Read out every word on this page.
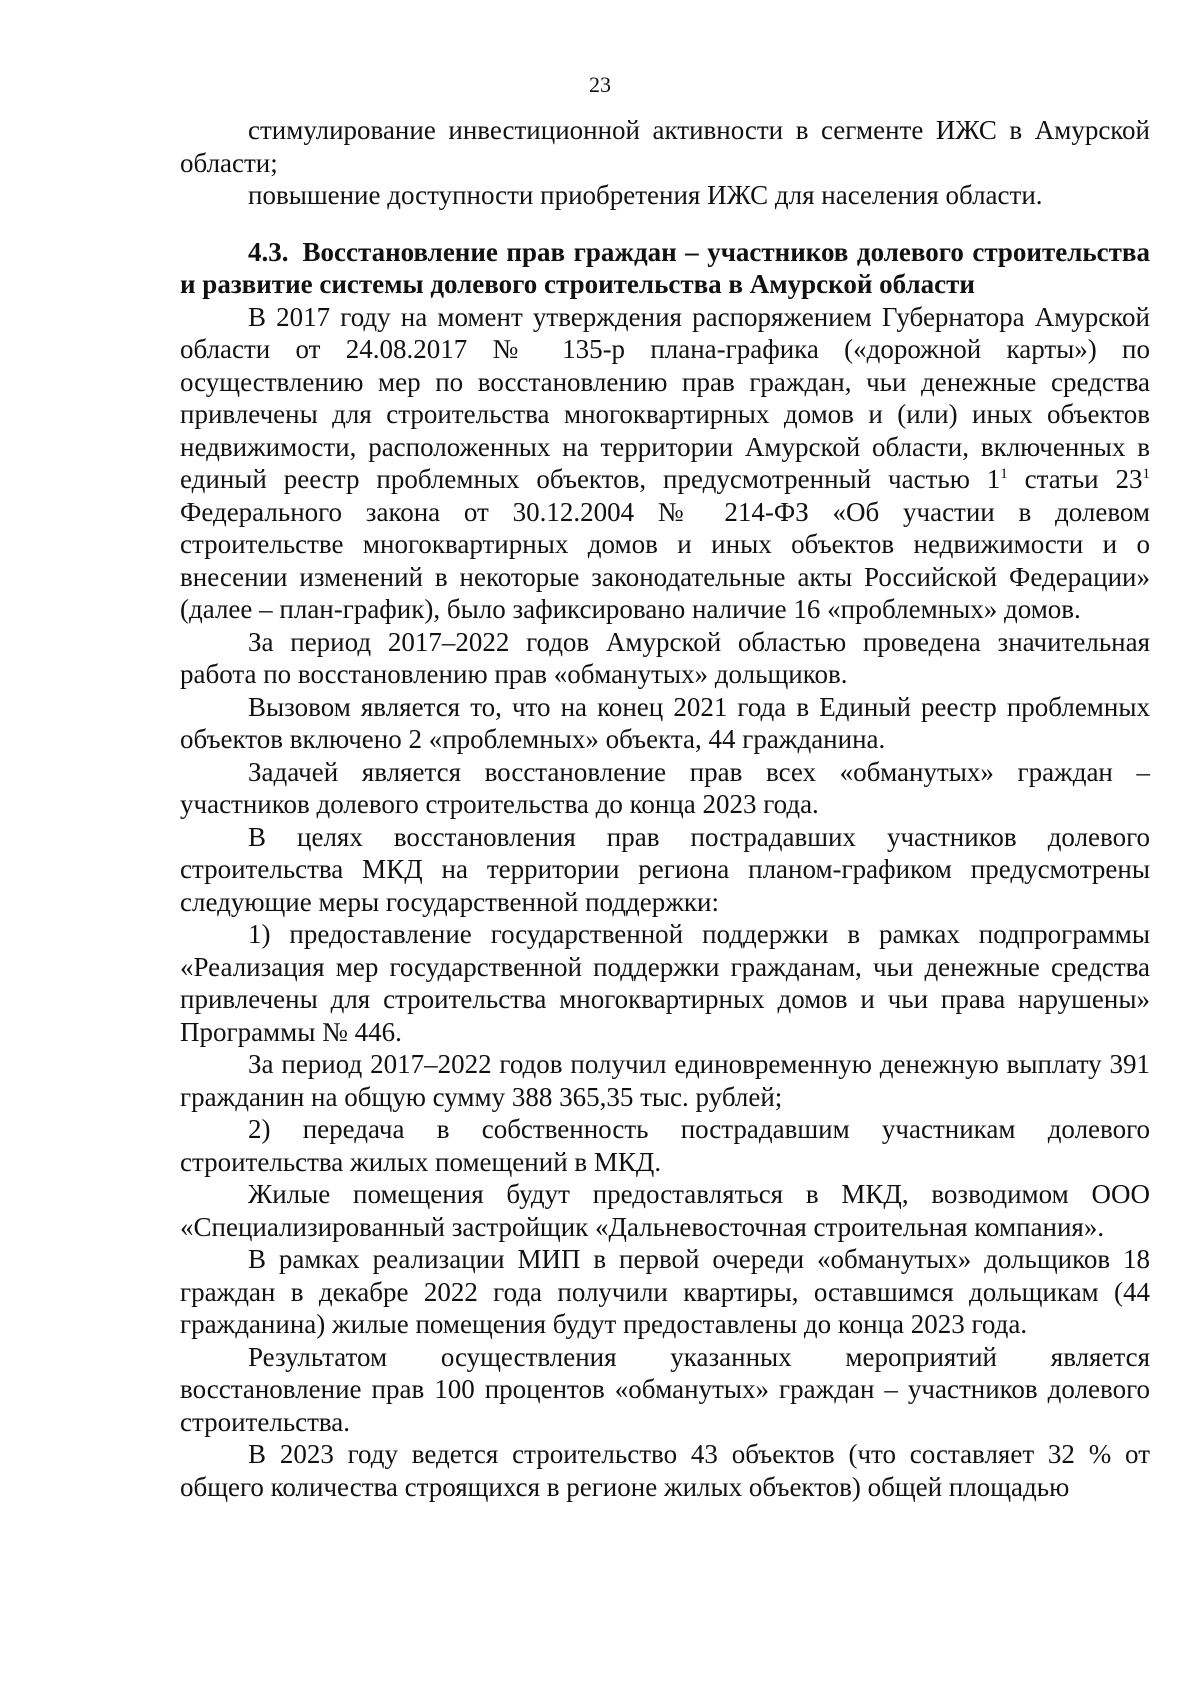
23

стимулирование инвестиционной активности в сегменте ИЖС в Амурской области;

повышение доступности приобретения ИЖС для населения области.

4.3. Восстановление прав граждан – участников долевого строительства и развитие системы долевого строительства в Амурской области

В 2017 году на момент утверждения распоряжением Губернатора Амурской области от 24.08.2017 № 135-р плана-графика («дорожной карты») по осуществлению мер по восстановлению прав граждан, чьи денежные средства привлечены для строительства многоквартирных домов и (или) иных объектов недвижимости, расположенных на территории Амурской области, включенных в единый реестр проблемных объектов, предусмотренный частью $1^1$ статьи $23^1$ Федерального закона от 30.12.2004 № 214-ФЗ «Об участии в долевом строительстве многоквартирных домов и иных объектов недвижимости и о внесении изменений в некоторые законодательные акты Российской Федерации» (далее – план-график), было зафиксировано наличие 16 «проблемных» домов.

За период 2017–2022 годов Амурской областью проведена значительная работа по восстановлению прав «обманутых» дольщиков.

Вызовом является то, что на конец 2021 года в Единый реестр проблемных объектов включено 2 «проблемных» объекта, 44 гражданина.

Задачей является восстановление прав всех «обманутых» граждан – участников долевого строительства до конца 2023 года.

В целях восстановления прав пострадавших участников долевого строительства МКД на территории региона планом-графиком предусмотрены следующие меры государственной поддержки:

1) предоставление государственной поддержки в рамках подпрограммы «Реализация мер государственной поддержки гражданам, чьи денежные средства привлечены для строительства многоквартирных домов и чьи права нарушены» Программы № 446.

За период 2017–2022 годов получил единовременную денежную выплату 391 гражданин на общую сумму 388 365,35 тыс. рублей;

2) передача в собственность пострадавшим участникам долевого строительства жилых помещений в МКД.

Жилые помещения будут предоставляться в МКД, возводимом ООО «Специализированный застройщик «Дальневосточная строительная компания».

В рамках реализации МИП в первой очереди «обманутых» дольщиков 18 граждан в декабре 2022 года получили квартиры, оставшимся дольщикам (44 гражданина) жилые помещения будут предоставлены до конца 2023 года.

Результатом осуществления указанных мероприятий является восстановление прав 100 процентов «обманутых» граждан – участников долевого строительства.

В 2023 году ведется строительство 43 объектов (что составляет 32 % от общего количества строящихся в регионе жилых объектов) общей площадью
